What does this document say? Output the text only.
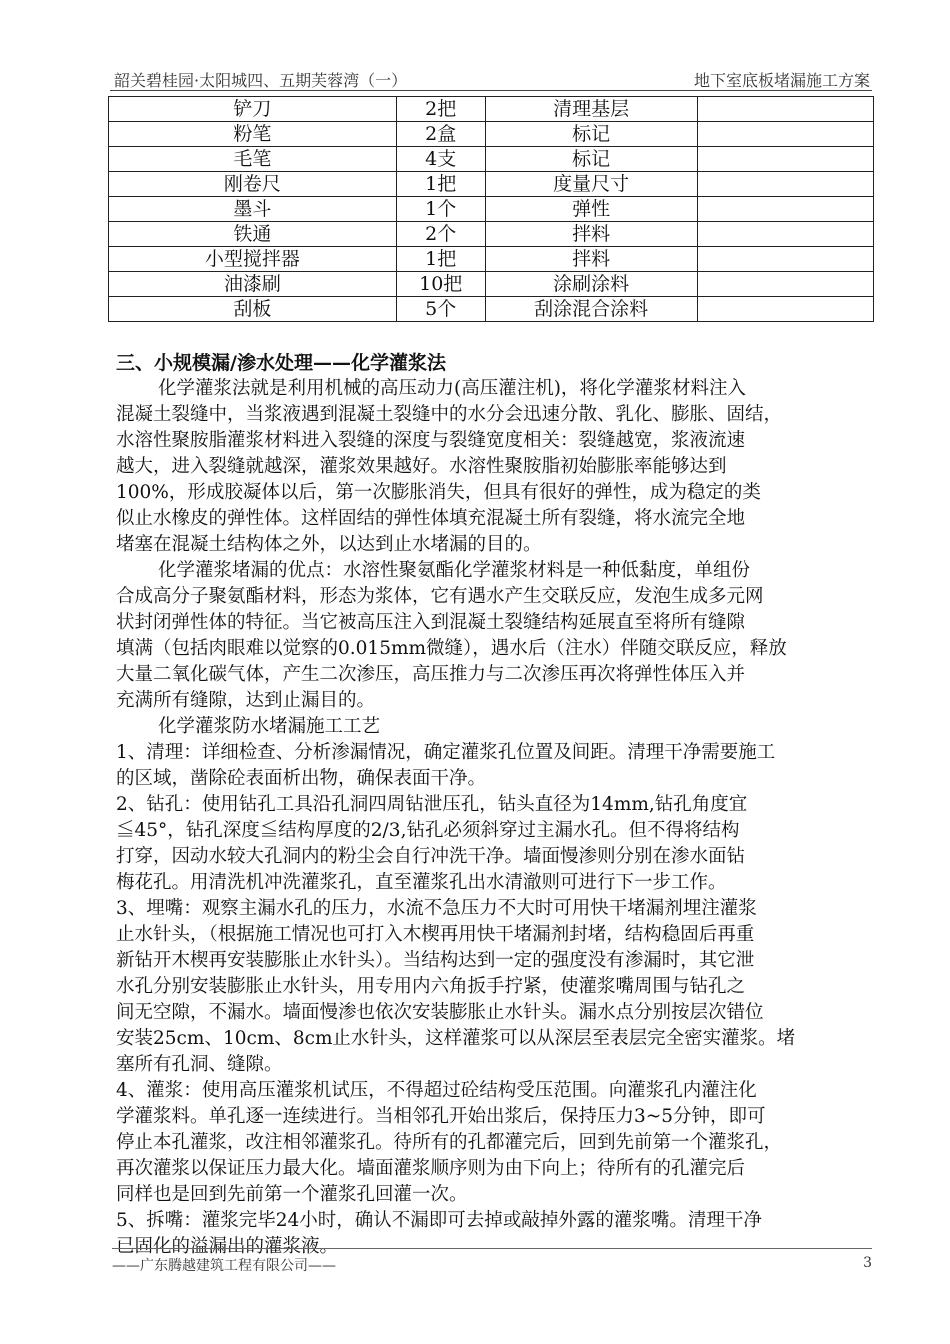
韶关碧桂园·太阳城四、五期芙蓉湾（一）	地下室底板堵漏施工方案
铲刀	2把	清理基层	
粉笔	2盒	标记	
毛笔	4支	标记	
刚卷尺	1把	度量尺寸	
墨斗	1个	弹性	
铁通	2个	拌料	
小型搅拌器	1把	拌料	
油漆刷	10把	涂刷涂料	
刮板	5个	刮涂混合涂料	
三、小规模漏/渗水处理——化学灌浆法
化学灌浆法就是利用机械的高压动力(高压灌注机)，将化学灌浆材料注入
混凝土裂缝中，当浆液遇到混凝土裂缝中的水分会迅速分散、乳化、膨胀、固结，
水溶性聚胺脂灌浆材料进入裂缝的深度与裂缝宽度相关：裂缝越宽，浆液流速
越大，进入裂缝就越深，灌浆效果越好。水溶性聚胺脂初始膨胀率能够达到
100%，形成胶凝体以后，第一次膨胀消失，但具有很好的弹性，成为稳定的类
似止水橡皮的弹性体。这样固结的弹性体填充混凝土所有裂缝，将水流完全地
堵塞在混凝土结构体之外，以达到止水堵漏的目的。
化学灌浆堵漏的优点：水溶性聚氨酯化学灌浆材料是一种低黏度，单组份
合成高分子聚氨酯材料，形态为浆体，它有遇水产生交联反应，发泡生成多元网
状封闭弹性体的特征。当它被高压注入到混凝土裂缝结构延展直至将所有缝隙
填满（包括肉眼难以觉察的0.015mm微缝），遇水后（注水）伴随交联反应，释放
大量二氧化碳气体，产生二次渗压，高压推力与二次渗压再次将弹性体压入并
充满所有缝隙，达到止漏目的。
化学灌浆防水堵漏施工工艺
1、清理：详细检查、分析渗漏情况，确定灌浆孔位置及间距。清理干净需要施工
的区域，凿除砼表面析出物，确保表面干净。
2、钻孔：使用钻孔工具沿孔洞四周钻泄压孔，钻头直径为14mm,钻孔角度宜
≦45°，钻孔深度≦结构厚度的2/3,钻孔必须斜穿过主漏水孔。但不得将结构
打穿，因动水较大孔洞内的粉尘会自行冲洗干净。墙面慢渗则分别在渗水面钻
梅花孔。用清洗机冲洗灌浆孔，直至灌浆孔出水清澈则可进行下一步工作。
3、埋嘴：观察主漏水孔的压力，水流不急压力不大时可用快干堵漏剂埋注灌浆
止水针头，（根据施工情况也可打入木楔再用快干堵漏剂封堵，结构稳固后再重
新钻开木楔再安装膨胀止水针头）。当结构达到一定的强度没有渗漏时，其它泄
水孔分别安装膨胀止水针头，用专用内六角扳手拧紧，使灌浆嘴周围与钻孔之
间无空隙，不漏水。墙面慢渗也依次安装膨胀止水针头。漏水点分别按层次错位
安装25cm、10cm、8cm止水针头，这样灌浆可以从深层至表层完全密实灌浆。堵
塞所有孔洞、缝隙。
4、灌浆：使用高压灌浆机试压，不得超过砼结构受压范围。向灌浆孔内灌注化
学灌浆料。单孔逐一连续进行。当相邻孔开始出浆后，保持压力3~5分钟，即可
停止本孔灌浆，改注相邻灌浆孔。待所有的孔都灌完后，回到先前第一个灌浆孔，
再次灌浆以保证压力最大化。墙面灌浆顺序则为由下向上；待所有的孔灌完后
同样也是回到先前第一个灌浆孔回灌一次。
5、拆嘴：灌浆完毕24小时，确认不漏即可去掉或敲掉外露的灌浆嘴。清理干净
已固化的溢漏出的灌浆液。
——广东腾越建筑工程有限公司——	3
